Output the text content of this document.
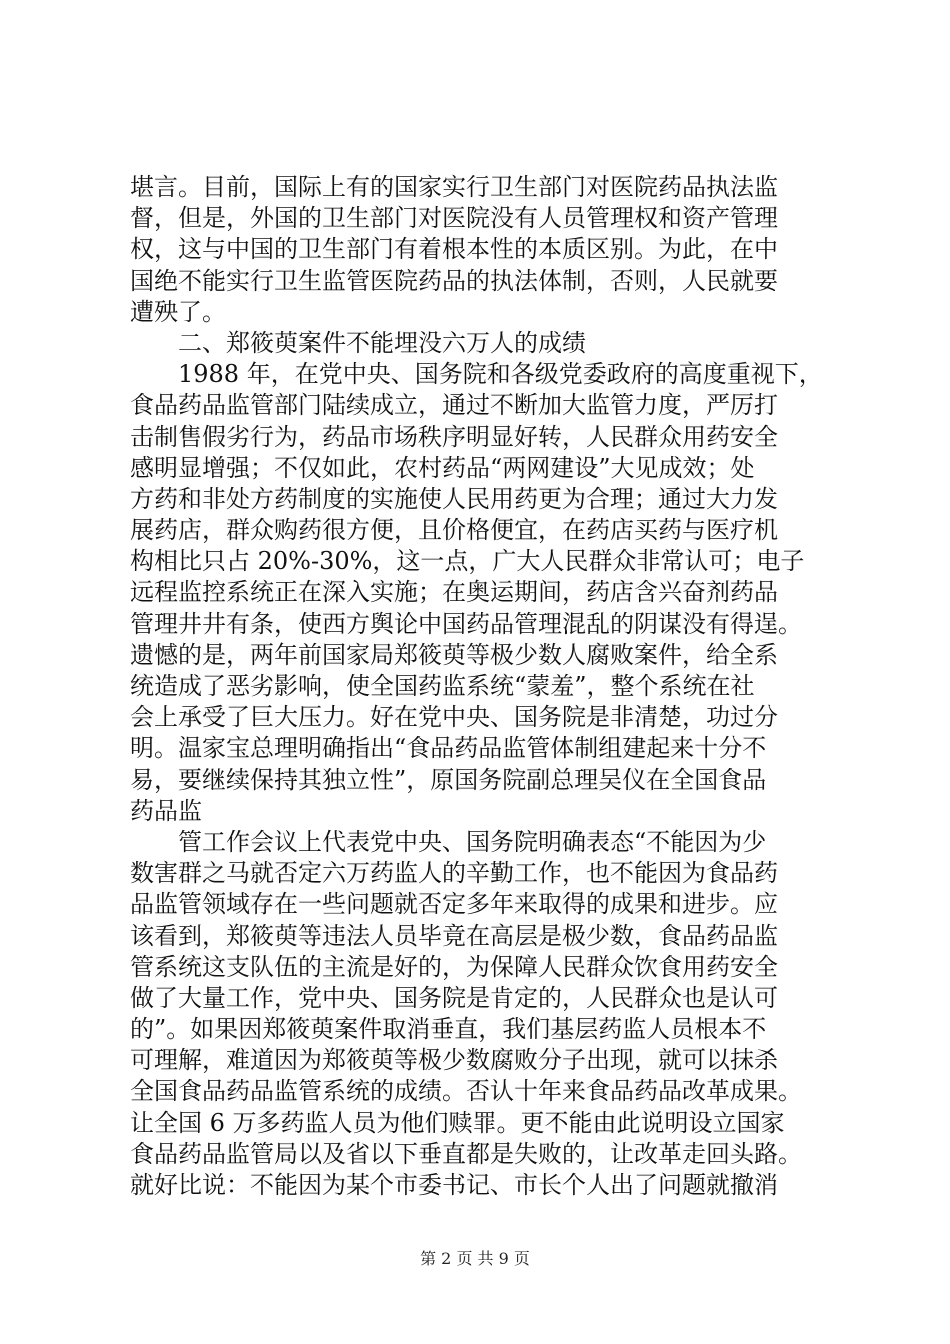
堪言。目前，国际上有的国家实行卫生部门对医院药品执法监
督，但是，外国的卫生部门对医院没有人员管理权和资产管理
权，这与中国的卫生部门有着根本性的本质区别。为此，在中
国绝不能实行卫生监管医院药品的执法体制，否则，人民就要
遭殃了。
二、郑筱萸案件不能埋没六万人的成绩
1988 年，在党中央、国务院和各级党委政府的高度重视下，
食品药品监管部门陆续成立，通过不断加大监管力度，严厉打
击制售假劣行为，药品市场秩序明显好转，人民群众用药安全
感明显增强；不仅如此，农村药品“两网建设”大见成效；处
方药和非处方药制度的实施使人民用药更为合理；通过大力发
展药店，群众购药很方便，且价格便宜，在药店买药与医疗机
构相比只占 20%-30%，这一点，广大人民群众非常认可；电子
远程监控系统正在深入实施；在奥运期间，药店含兴奋剂药品
管理井井有条，使西方舆论中国药品管理混乱的阴谋没有得逞。
遗憾的是，两年前国家局郑筱萸等极少数人腐败案件，给全系
统造成了恶劣影响，使全国药监系统“蒙羞”，整个系统在社
会上承受了巨大压力。好在党中央、国务院是非清楚，功过分
明。温家宝总理明确指出“食品药品监管体制组建起来十分不
易，要继续保持其独立性”，原国务院副总理吴仪在全国食品
药品监
管工作会议上代表党中央、国务院明确表态“不能因为少
数害群之马就否定六万药监人的辛勤工作，也不能因为食品药
品监管领域存在一些问题就否定多年来取得的成果和进步。应
该看到，郑筱萸等违法人员毕竟在高层是极少数，食品药品监
管系统这支队伍的主流是好的，为保障人民群众饮食用药安全
做了大量工作，党中央、国务院是肯定的，人民群众也是认可
的”。如果因郑筱萸案件取消垂直，我们基层药监人员根本不
可理解，难道因为郑筱萸等极少数腐败分子出现，就可以抹杀
全国食品药品监管系统的成绩。否认十年来食品药品改革成果。
让全国 6 万多药监人员为他们赎罪。更不能由此说明设立国家
食品药品监管局以及省以下垂直都是失败的，让改革走回头路。
就好比说：不能因为某个市委书记、市长个人出了问题就撤消
第 2 页 共 9 页
